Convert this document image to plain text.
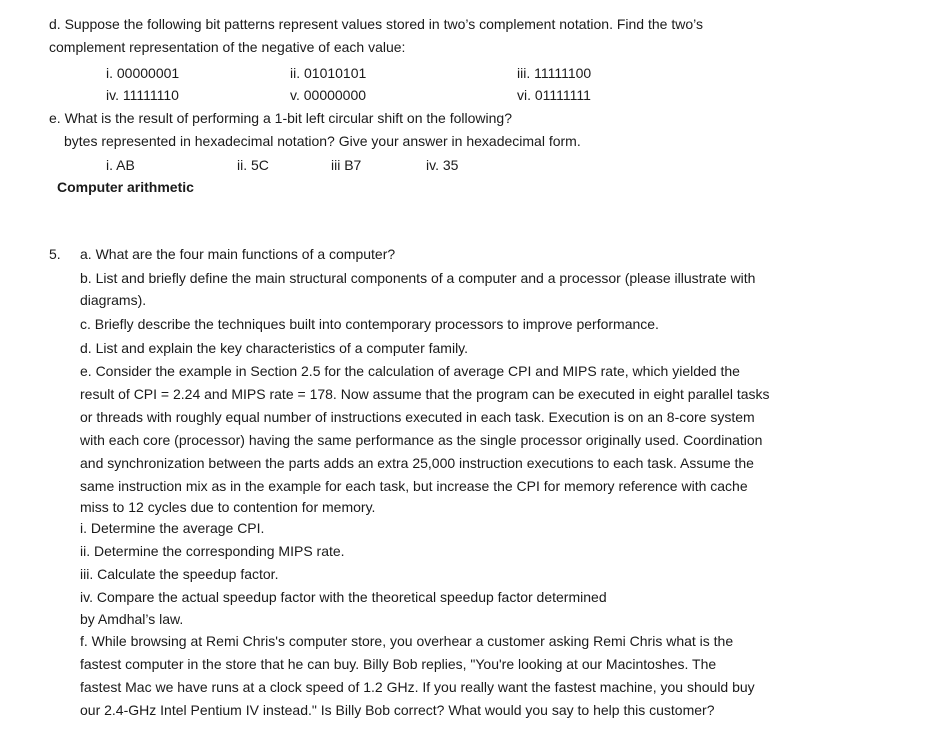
d. Suppose the following bit patterns represent values stored in two’s complement notation. Find the two’s
complement representation of the negative of each value:
i. 00000001	ii. 01010101	iii. 11111100
iv. 11111110	v. 00000000	vi. 01111111
e. What is the result of performing a 1-bit left circular shift on the following?
bytes represented in hexadecimal notation? Give your answer in hexadecimal form.
i. AB	ii. 5C	iii B7	iv. 35
Computer arithmetic
5. a. What are the four main functions of a computer?
b. List and briefly define the main structural components of a computer and a processor (please illustrate with
diagrams).
c. Briefly describe the techniques built into contemporary processors to improve performance.
d. List and explain the key characteristics of a computer family.
e. Consider the example in Section 2.5 for the calculation of average CPI and MIPS rate, which yielded the
result of CPI = 2.24 and MIPS rate = 178. Now assume that the program can be executed in eight parallel tasks
or threads with roughly equal number of instructions executed in each task. Execution is on an 8-core system
with each core (processor) having the same performance as the single processor originally used. Coordination
and synchronization between the parts adds an extra 25,000 instruction executions to each task. Assume the
same instruction mix as in the example for each task, but increase the CPI for memory reference with cache
miss to 12 cycles due to contention for memory.
i. Determine the average CPI.
ii. Determine the corresponding MIPS rate.
iii. Calculate the speedup factor.
iv. Compare the actual speedup factor with the theoretical speedup factor determined
by Amdhal’s law.
f. While browsing at Remi Chris's computer store, you overhear a customer asking Remi Chris what is the
fastest computer in the store that he can buy. Billy Bob replies, "You're looking at our Macintoshes. The
fastest Mac we have runs at a clock speed of 1.2 GHz. If you really want the fastest machine, you should buy
our 2.4-GHz Intel Pentium IV instead." Is Billy Bob correct? What would you say to help this customer?
